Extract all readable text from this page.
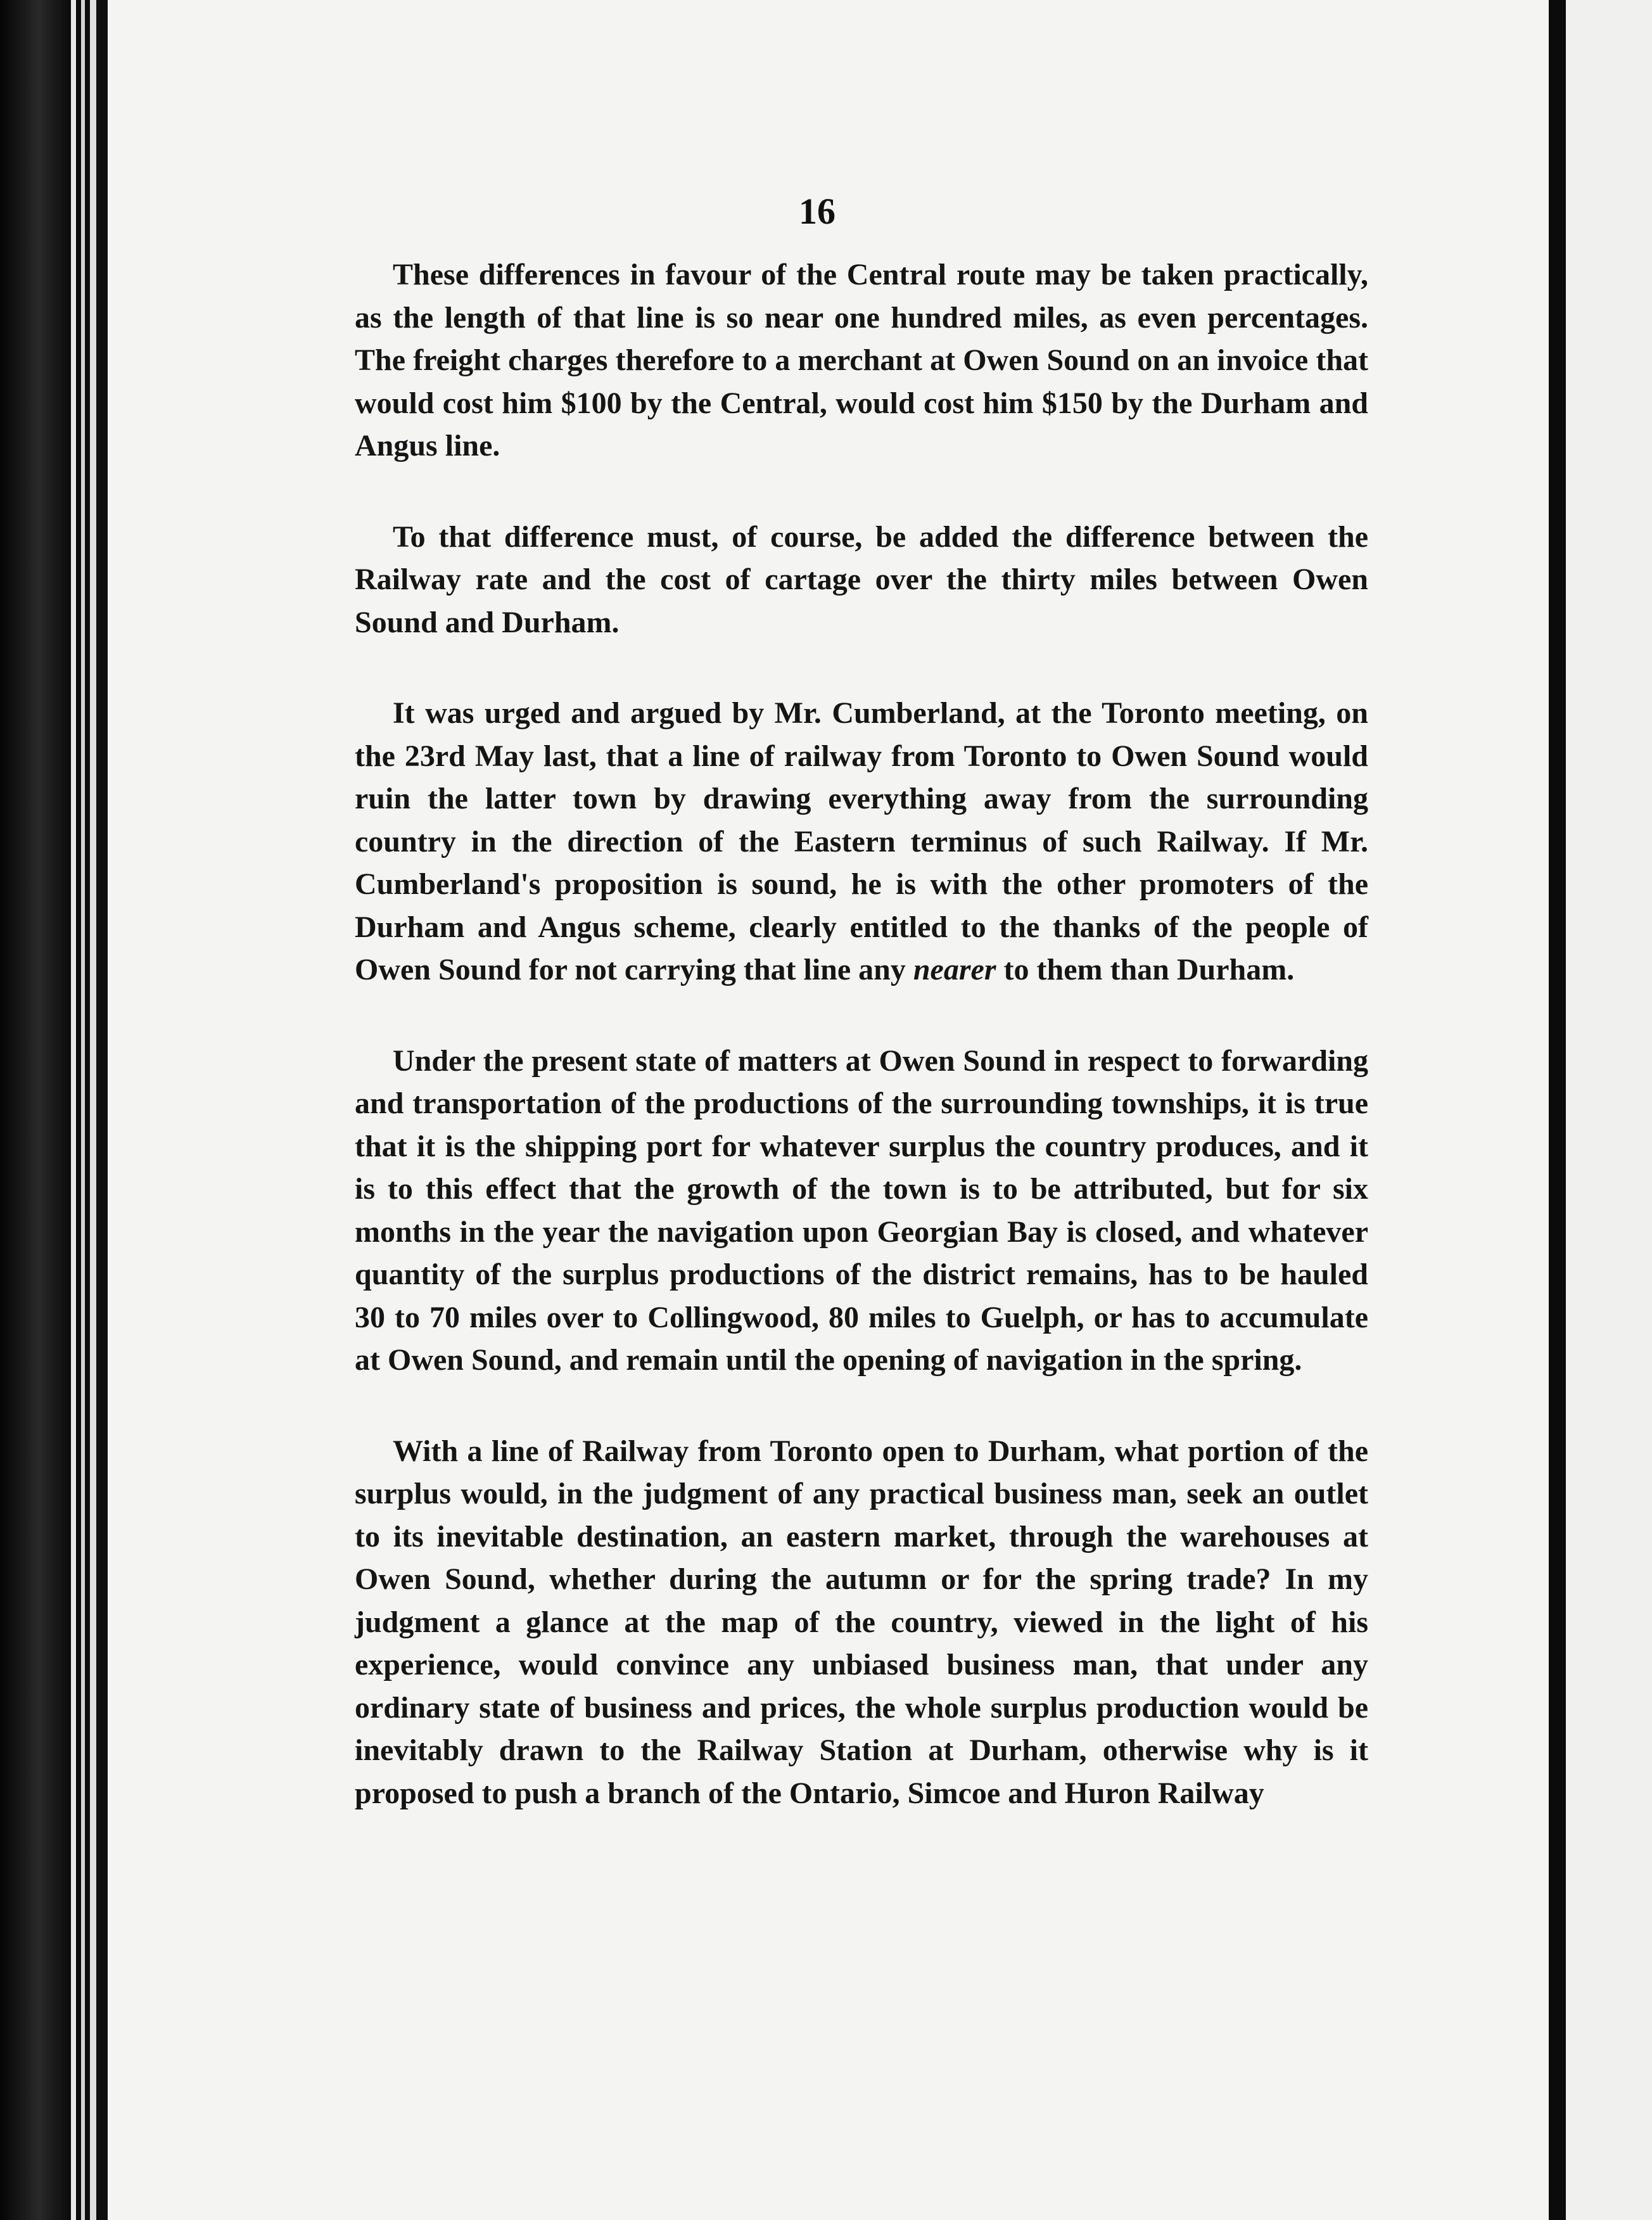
16

These differences in favour of the Central route may be taken practically, as the length of that line is so near one hundred miles, as even percentages. The freight charges therefore to a merchant at Owen Sound on an invoice that would cost him $100 by the Central, would cost him $150 by the Durham and Angus line.

To that difference must, of course, be added the difference between the Railway rate and the cost of cartage over the thirty miles between Owen Sound and Durham.

It was urged and argued by Mr. Cumberland, at the Toronto meeting, on the 23rd May last, that a line of railway from Toronto to Owen Sound would ruin the latter town by drawing everything away from the surrounding country in the direction of the Eastern terminus of such Railway. If Mr. Cumberland's proposition is sound, he is with the other promoters of the Durham and Angus scheme, clearly entitled to the thanks of the people of Owen Sound for not carrying that line any nearer to them than Durham.

Under the present state of matters at Owen Sound in respect to forwarding and transportation of the productions of the surrounding townships, it is true that it is the shipping port for whatever surplus the country produces, and it is to this effect that the growth of the town is to be attributed, but for six months in the year the navigation upon Georgian Bay is closed, and whatever quantity of the surplus productions of the district remains, has to be hauled 30 to 70 miles over to Collingwood, 80 miles to Guelph, or has to accumulate at Owen Sound, and remain until the opening of navigation in the spring.

With a line of Railway from Toronto open to Durham, what portion of the surplus would, in the judgment of any practical business man, seek an outlet to its inevitable destination, an eastern market, through the warehouses at Owen Sound, whether during the autumn or for the spring trade? In my judgment a glance at the map of the country, viewed in the light of his experience, would convince any unbiased business man, that under any ordinary state of business and prices, the whole surplus production would be inevitably drawn to the Railway Station at Durham, otherwise why is it proposed to push a branch of the Ontario, Simcoe and Huron Railway
